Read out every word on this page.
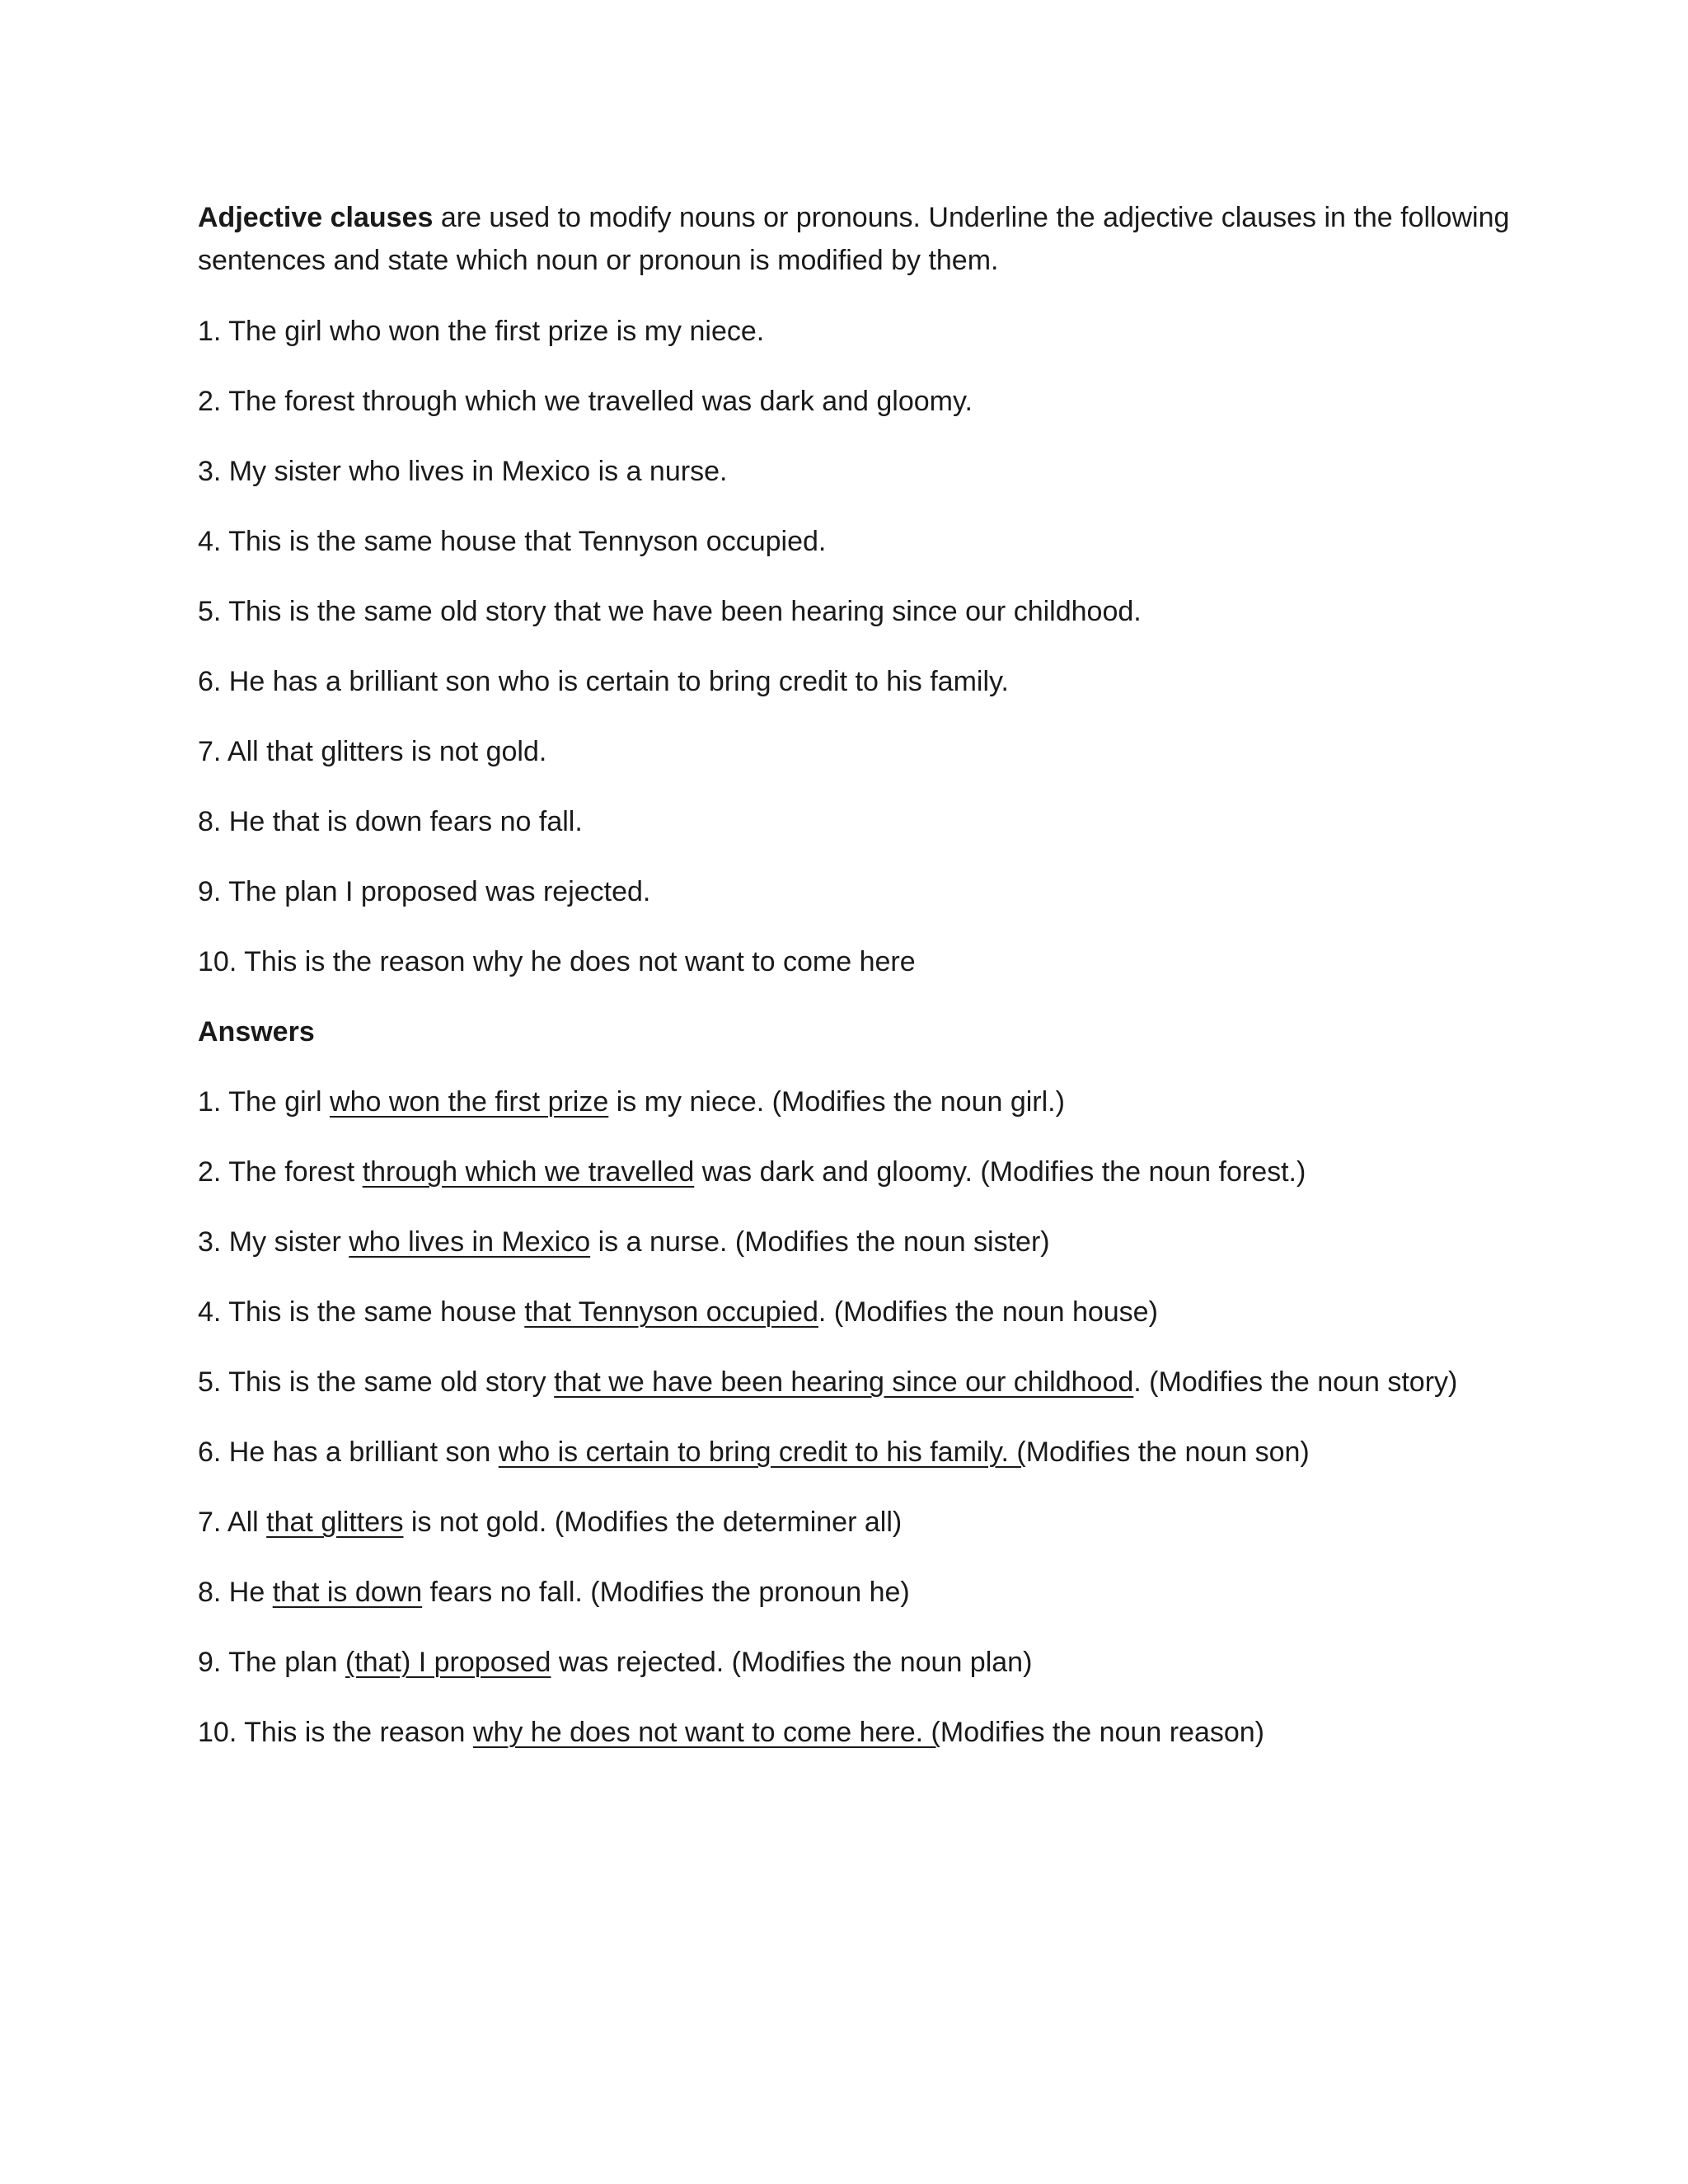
Adjective clauses are used to modify nouns or pronouns. Underline the adjective clauses in the following sentences and state which noun or pronoun is modified by them.

1. The girl who won the first prize is my niece.

2. The forest through which we travelled was dark and gloomy.

3. My sister who lives in Mexico is a nurse.

4. This is the same house that Tennyson occupied.

5. This is the same old story that we have been hearing since our childhood.

6. He has a brilliant son who is certain to bring credit to his family.

7. All that glitters is not gold.

8. He that is down fears no fall.

9. The plan I proposed was rejected.

10. This is the reason why he does not want to come here

Answers

1. The girl who won the first prize is my niece. (Modifies the noun girl.)

2. The forest through which we travelled was dark and gloomy. (Modifies the noun forest.)

3. My sister who lives in Mexico is a nurse. (Modifies the noun sister)

4. This is the same house that Tennyson occupied. (Modifies the noun house)

5. This is the same old story that we have been hearing since our childhood. (Modifies the noun story)

6. He has a brilliant son who is certain to bring credit to his family. (Modifies the noun son)

7. All that glitters is not gold. (Modifies the determiner all)

8. He that is down fears no fall. (Modifies the pronoun he)

9. The plan (that) I proposed was rejected. (Modifies the noun plan)

10. This is the reason why he does not want to come here. (Modifies the noun reason)
